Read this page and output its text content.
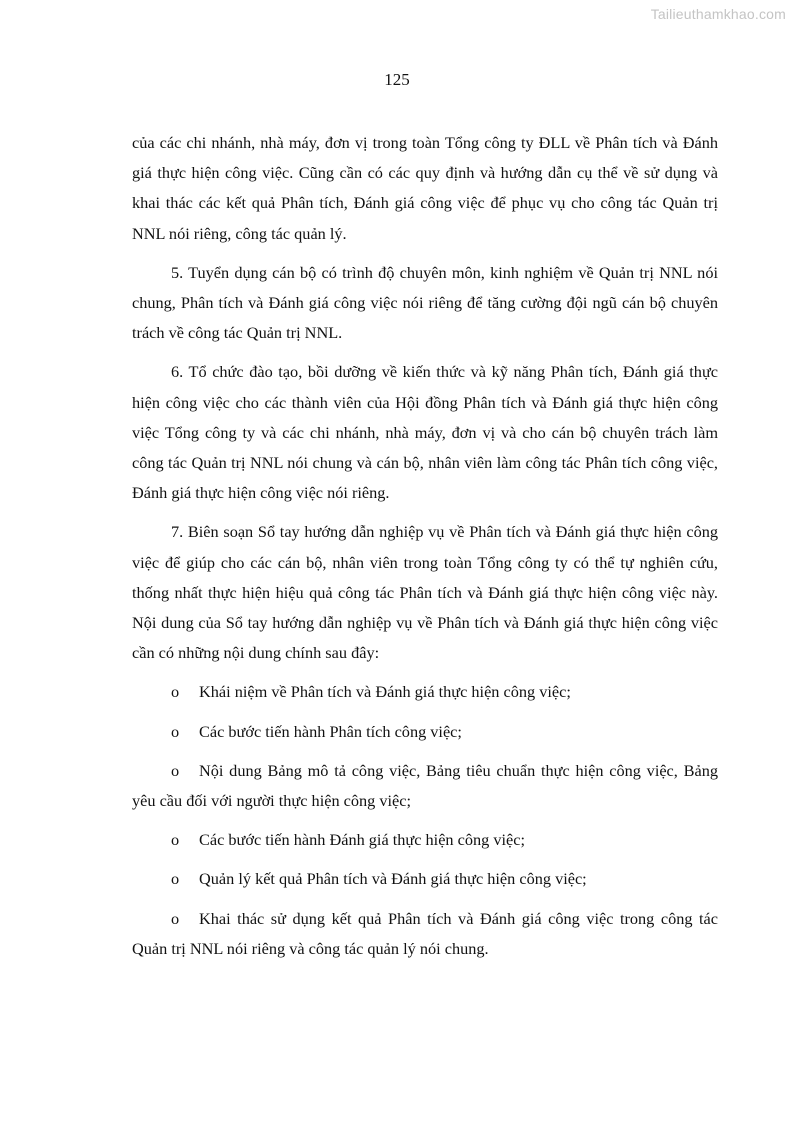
Tailieuthamkhao.com
125

của các chi nhánh, nhà máy, đơn vị trong toàn Tổng công ty ĐLL về Phân tích và Đánh giá thực hiện công việc. Cũng cần có các quy định và hướng dẫn cụ thể về sử dụng và khai thác các kết quả Phân tích, Đánh giá công việc để phục vụ cho công tác Quản trị NNL nói riêng, công tác quản lý.

5. Tuyển dụng cán bộ có trình độ chuyên môn, kinh nghiệm về Quản trị NNL nói chung, Phân tích và Đánh giá công việc nói riêng để tăng cường đội ngũ cán bộ chuyên trách về công tác Quản trị NNL.

6. Tổ chức đào tạo, bồi dưỡng về kiến thức và kỹ năng Phân tích, Đánh giá thực hiện công việc cho các thành viên của Hội đồng Phân tích và Đánh giá thực hiện công việc Tổng công ty và các chi nhánh, nhà máy, đơn vị và cho cán bộ chuyên trách làm công tác Quản trị NNL nói chung và cán bộ, nhân viên làm công tác Phân tích công việc, Đánh giá thực hiện công việc nói riêng.

7. Biên soạn Sổ tay hướng dẫn nghiệp vụ về Phân tích và Đánh giá thực hiện công việc để giúp cho các cán bộ, nhân viên trong toàn Tổng công ty có thể tự nghiên cứu, thống nhất thực hiện hiệu quả công tác Phân tích và Đánh giá thực hiện công việc này. Nội dung của Sổ tay hướng dẫn nghiệp vụ về Phân tích và Đánh giá thực hiện công việc cần có những nội dung chính sau đây:

o Khái niệm về Phân tích và Đánh giá thực hiện công việc;

o Các bước tiến hành Phân tích công việc;

o Nội dung Bảng mô tả công việc, Bảng tiêu chuẩn thực hiện công việc, Bảng yêu cầu đối với người thực hiện công việc;

o Các bước tiến hành Đánh giá thực hiện công việc;

o Quản lý kết quả Phân tích và Đánh giá thực hiện công việc;

o Khai thác sử dụng kết quả Phân tích và Đánh giá công việc trong công tác Quản trị NNL nói riêng và công tác quản lý nói chung.
